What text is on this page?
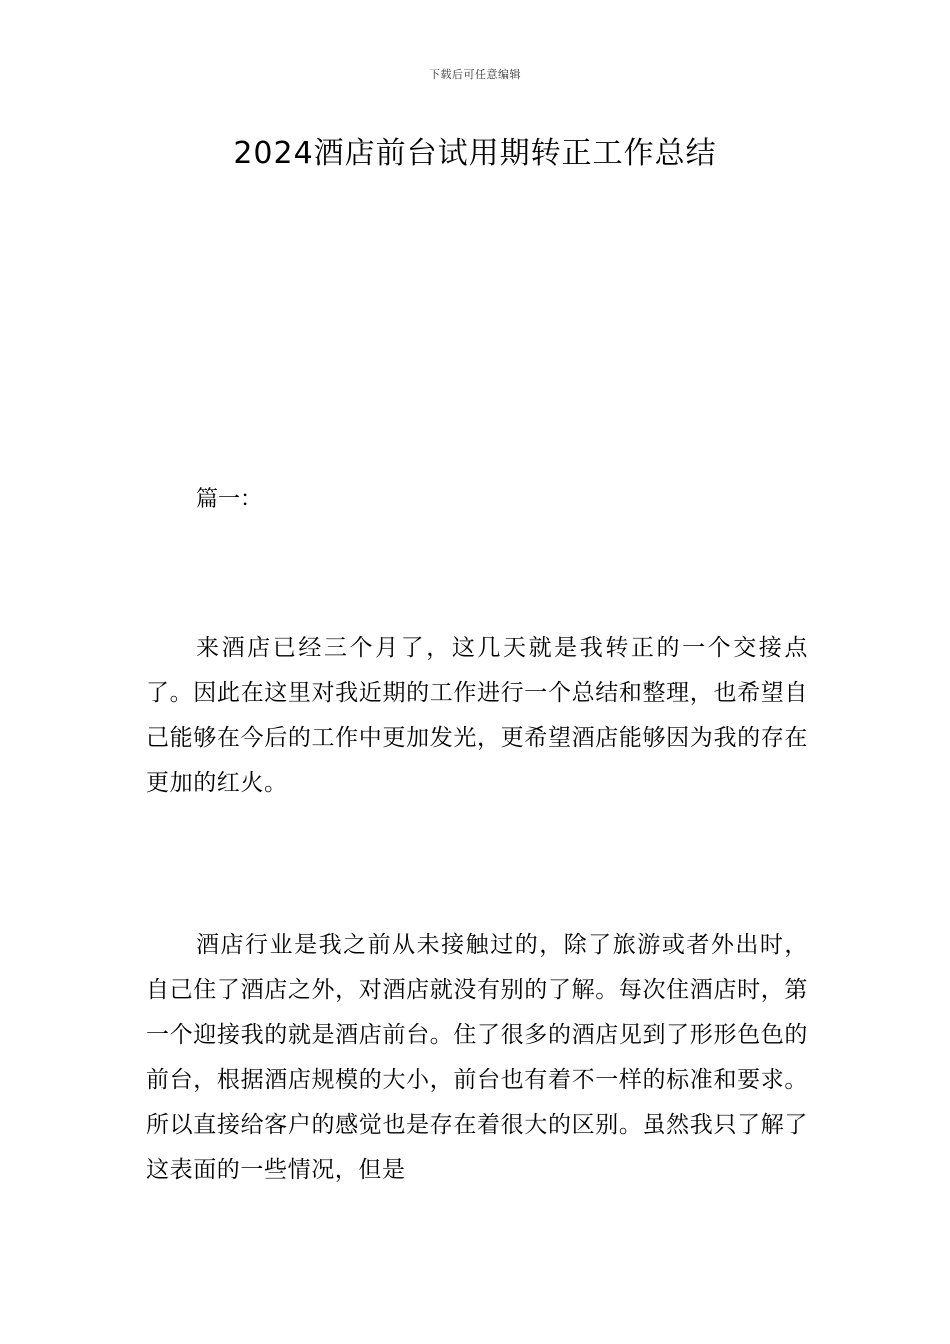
下载后可任意编辑
2024酒店前台试用期转正工作总结

篇一：

来酒店已经三个月了，这几天就是我转正的一个交接点了。因此在这里对我近期的工作进行一个总结和整理，也希望自己能够在今后的工作中更加发光，更希望酒店能够因为我的存在更加的红火。

酒店行业是我之前从未接触过的，除了旅游或者外出时，自己住了酒店之外，对酒店就没有别的了解。每次住酒店时，第一个迎接我的就是酒店前台。住了很多的酒店见到了形形色色的前台，根据酒店规模的大小，前台也有着不一样的标准和要求。所以直接给客户的感觉也是存在着很大的区别。虽然我只了解了这表面的一些情况，但是
